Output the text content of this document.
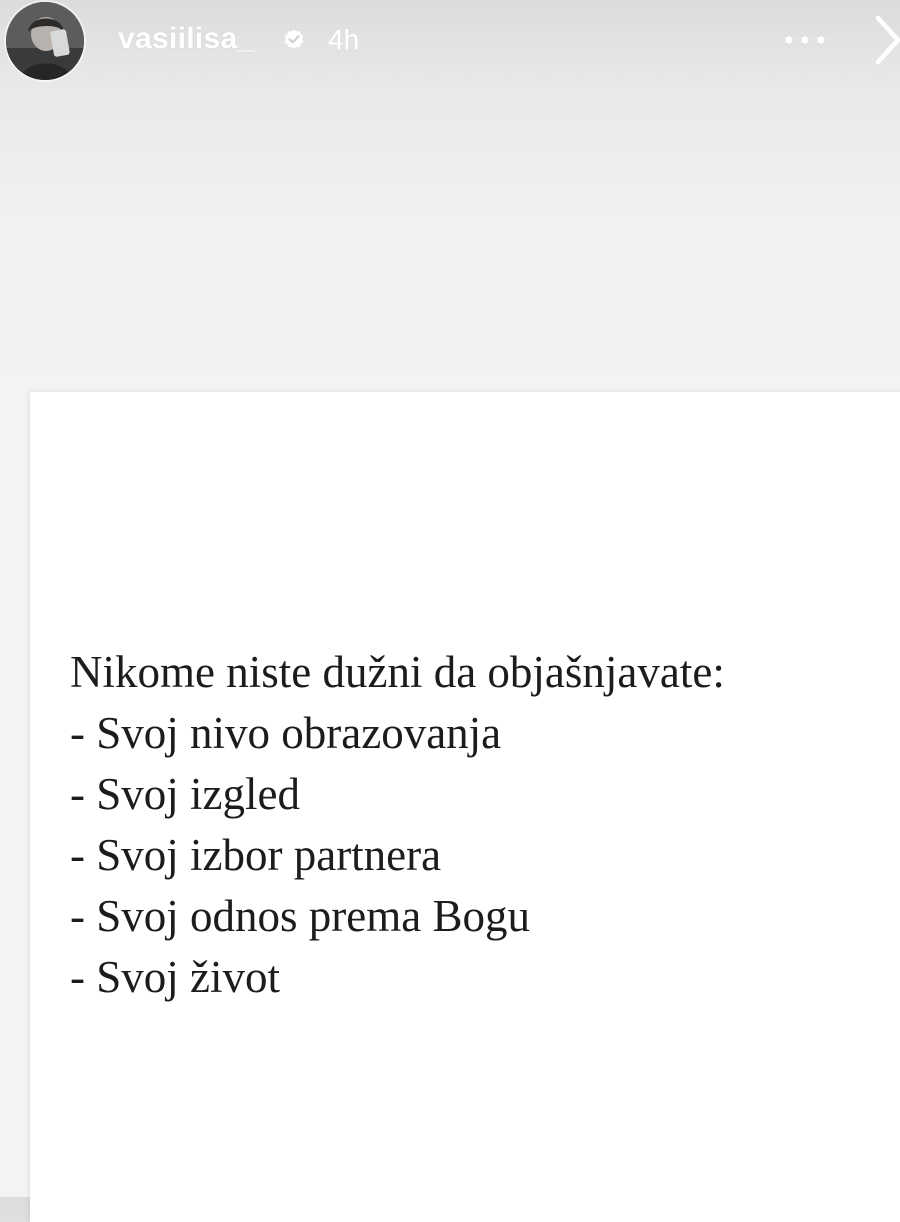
vasiilisa_	4h
Nikome niste dužni da objašnjavate:
- Svoj nivo obrazovanja
- Svoj izgled
- Svoj izbor partnera
- Svoj odnos prema Bogu
- Svoj život
